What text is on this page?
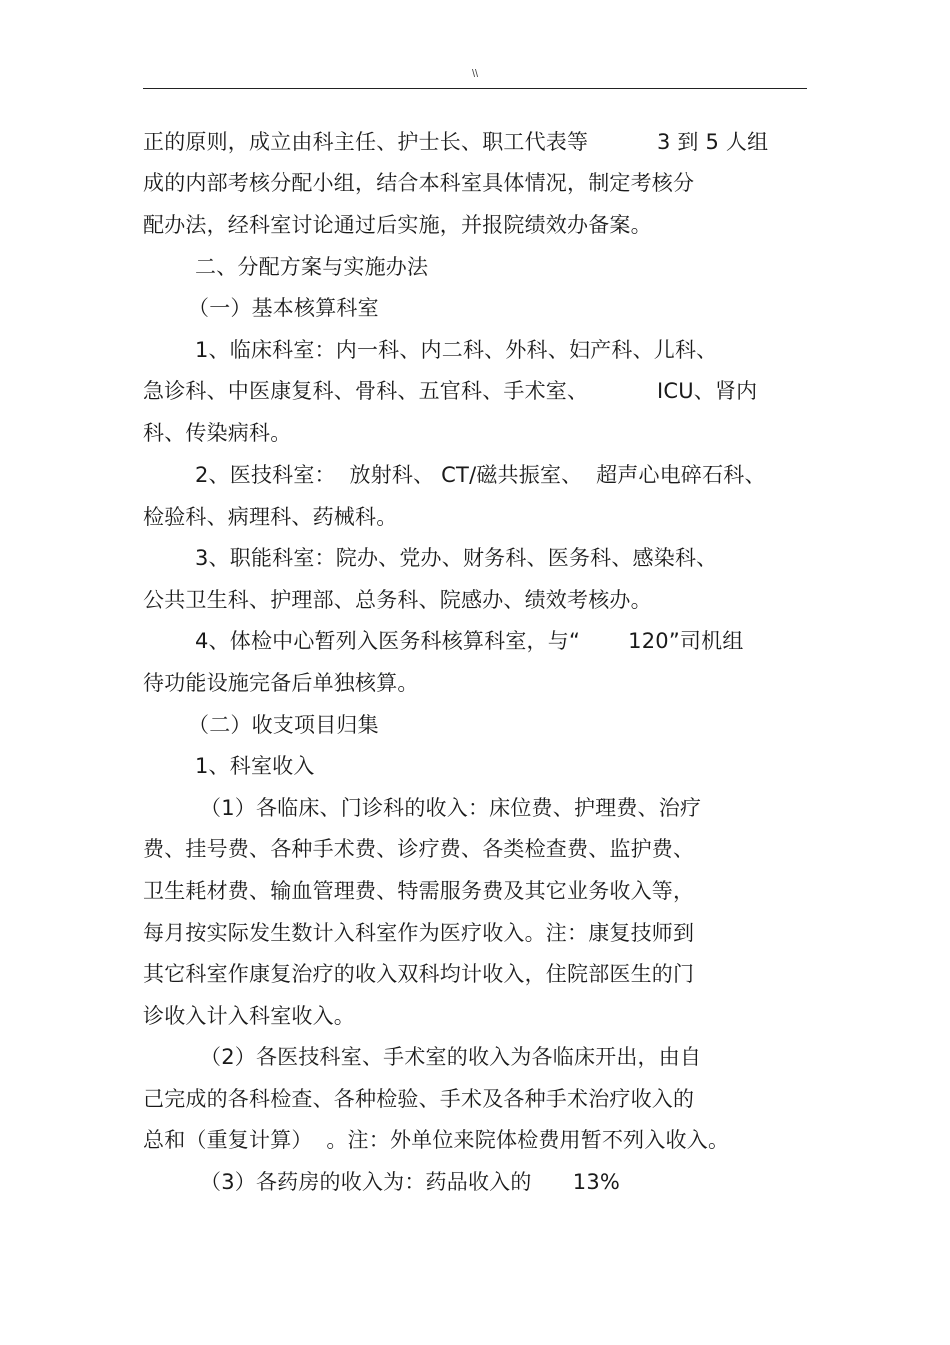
\\
正的原则，成立由科主任、护士长、职工代表等          3 到 5 人组
成的内部考核分配小组，结合本科室具体情况，制定考核分
配办法，经科室讨论通过后实施，并报院绩效办备案。
二、分配方案与实施办法
（一）基本核算科室
1、临床科室：内一科、内二科、外科、妇产科、儿科、
急诊科、中医康复科、骨科、五官科、手术室、          ICU、肾内
科、传染病科。
2、医技科室：  放射科、 CT/磁共振室、  超声心电碎石科、
检验科、病理科、药械科。
3、职能科室：院办、党办、财务科、医务科、感染科、
公共卫生科、护理部、总务科、院感办、绩效考核办。
4、体检中心暂列入医务科核算科室，与“       120”司机组
待功能设施完备后单独核算。
（二）收支项目归集
1、科室收入
（1）各临床、门诊科的收入：床位费、护理费、治疗
费、挂号费、各种手术费、诊疗费、各类检查费、监护费、
卫生耗材费、输血管理费、特需服务费及其它业务收入等，
每月按实际发生数计入科室作为医疗收入。注：康复技师到
其它科室作康复治疗的收入双科均计收入，住院部医生的门
诊收入计入科室收入。
（2）各医技科室、手术室的收入为各临床开出，由自
己完成的各科检查、各种检验、手术及各种手术治疗收入的
总和（重复计算）  。注：外单位来院体检费用暂不列入收入。
（3）各药房的收入为：药品收入的      13%
